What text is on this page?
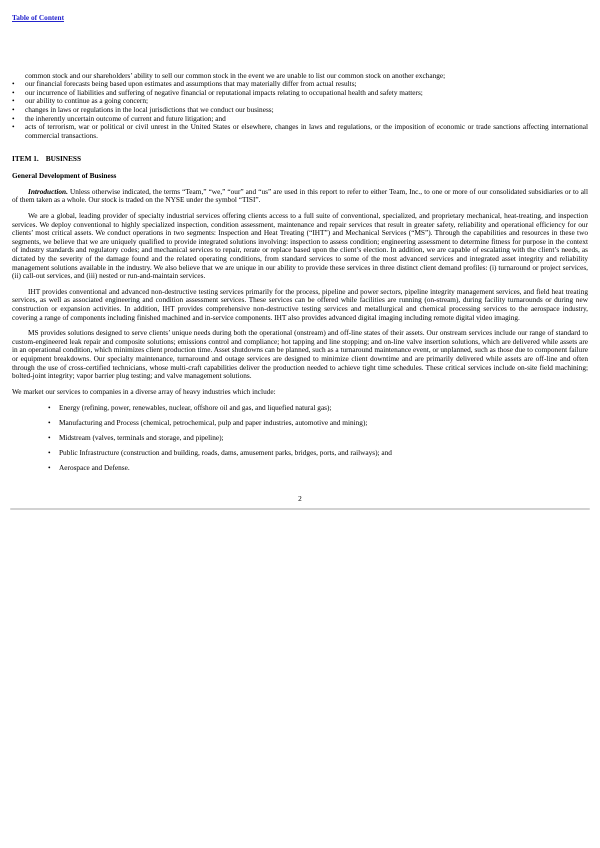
Table of Content
common stock and our shareholders’ ability to sell our common stock in the event we are unable to list our common stock on another exchange;
•	our financial forecasts being based upon estimates and assumptions that may materially differ from actual results;
•	our incurrence of liabilities and suffering of negative financial or reputational impacts relating to occupational health and safety matters;
•	our ability to continue as a going concern;
•	changes in laws or regulations in the local jurisdictions that we conduct our business;
•	the inherently uncertain outcome of current and future litigation; and
•	acts of terrorism, war or political or civil unrest in the United States or elsewhere, changes in laws and regulations, or the imposition of economic or trade sanctions affecting international commercial transactions.
ITEM 1. BUSINESS
General Development of Business

Introduction. Unless otherwise indicated, the terms “Team,” “we,” “our” and “us” are used in this report to refer to either Team, Inc., to one or more of our consolidated subsidiaries or to all of them taken as a whole. Our stock is traded on the NYSE under the symbol “TISI”.

We are a global, leading provider of specialty industrial services offering clients access to a full suite of conventional, specialized, and proprietary mechanical, heat-treating, and inspection services. We deploy conventional to highly specialized inspection, condition assessment, maintenance and repair services that result in greater safety, reliability and operational efficiency for our clients’ most critical assets. We conduct operations in two segments: Inspection and Heat Treating (“IHT”) and Mechanical Services (“MS”). Through the capabilities and resources in these two segments, we believe that we are uniquely qualified to provide integrated solutions involving: inspection to assess condition; engineering assessment to determine fitness for purpose in the context of industry standards and regulatory codes; and mechanical services to repair, rerate or replace based upon the client’s election. In addition, we are capable of escalating with the client’s needs, as dictated by the severity of the damage found and the related operating conditions, from standard services to some of the most advanced services and integrated asset integrity and reliability management solutions available in the industry. We also believe that we are unique in our ability to provide these services in three distinct client demand profiles: (i) turnaround or project services, (ii) call-out services, and (iii) nested or run-and-maintain services.

IHT provides conventional and advanced non-destructive testing services primarily for the process, pipeline and power sectors, pipeline integrity management services, and field heat treating services, as well as associated engineering and condition assessment services. These services can be offered while facilities are running (on-stream), during facility turnarounds or during new construction or expansion activities. In addition, IHT provides comprehensive non-destructive testing services and metallurgical and chemical processing services to the aerospace industry, covering a range of components including finished machined and in-service components. IHT also provides advanced digital imaging including remote digital video imaging.

MS provides solutions designed to serve clients’ unique needs during both the operational (onstream) and off-line states of their assets. Our onstream services include our range of standard to custom-engineered leak repair and composite solutions; emissions control and compliance; hot tapping and line stopping; and on-line valve insertion solutions, which are delivered while assets are in an operational condition, which minimizes client production time. Asset shutdowns can be planned, such as a turnaround maintenance event, or unplanned, such as those due to component failure or equipment breakdowns. Our specialty maintenance, turnaround and outage services are designed to minimize client downtime and are primarily delivered while assets are off-line and often through the use of cross-certified technicians, whose multi-craft capabilities deliver the production needed to achieve tight time schedules. These critical services include on-site field machining; bolted-joint integrity; vapor barrier plug testing; and valve management solutions.

We market our services to companies in a diverse array of heavy industries which include:

•	Energy (refining, power, renewables, nuclear, offshore oil and gas, and liquefied natural gas);
•	Manufacturing and Process (chemical, petrochemical, pulp and paper industries, automotive and mining);
•	Midstream (valves, terminals and storage, and pipeline);
•	Public Infrastructure (construction and building, roads, dams, amusement parks, bridges, ports, and railways); and
•	Aerospace and Defense.
2
